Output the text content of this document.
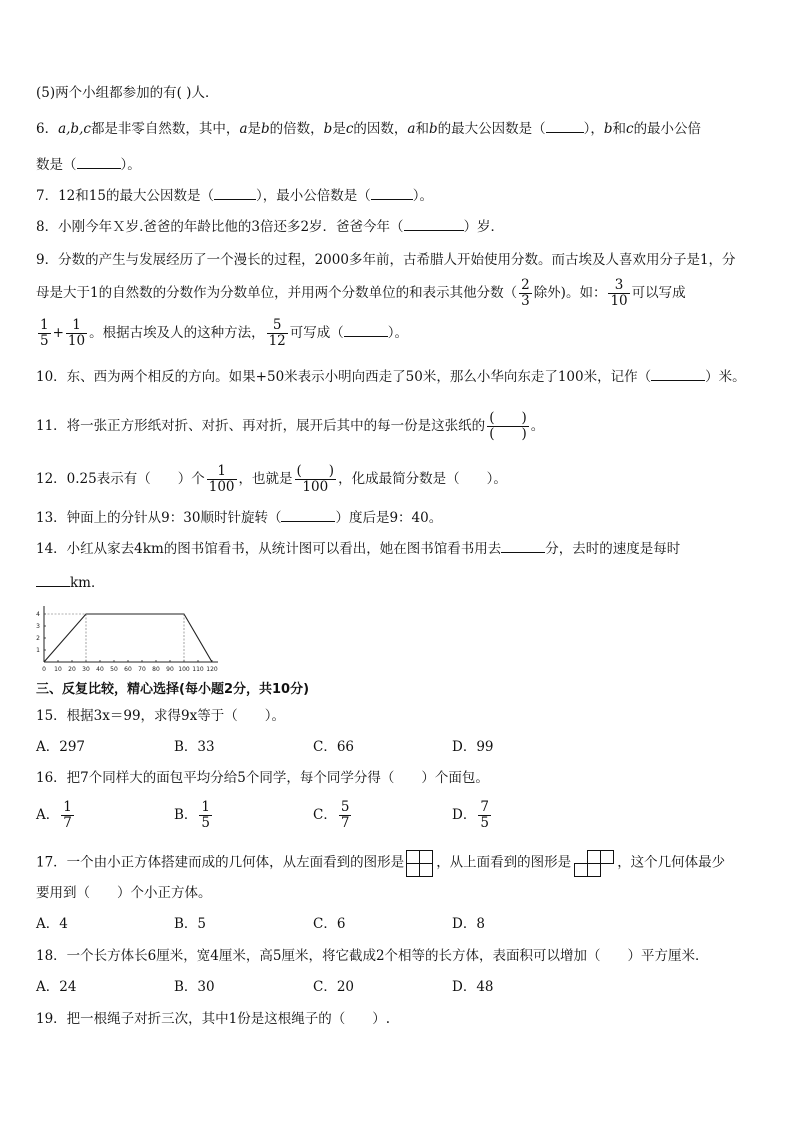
(5)两个小组都参加的有( )人．
6．a,b,c都是非零自然数，其中，a是b的倍数，b是c的因数，a和b的最大公因数是（	），b和c的最小公倍
数是（	）。
7．12和15的最大公因数是（	），最小公倍数是（	）。
8．小刚今年Ｘ岁.爸爸的年龄比他的3倍还多2岁．爸爸今年（	）岁．
9．分数的产生与发展经历了一个漫长的过程，2000多年前，古希腊人开始使用分数。而古埃及人喜欢用分子是1，分
母是大于1的自然数的分数作为分数单位，并用两个分数单位的和表示其他分数（ $\frac{2}{3}$ 除外)。如： $\frac{3}{10}$ 可以写成
$\frac{1}{5} + \frac{1}{10}$ 。根据古埃及人的这种方法， $\frac{5}{12}$ 可写成（	）。
10．东、西为两个相反的方向。如果+50米表示小明向西走了50米，那么小华向东走了100米，记作（	）米。
11．将一张正方形纸对折、对折、再对折，展开后其中的每一份是这张纸的 $\frac{( )}{( )}$ 。
12．0.25表示有（　　）个 $\frac{1}{100}$ ，也就是 $\frac{( )}{100}$ ，化成最简分数是（　　）。
13．钟面上的分针从9：30顺时针旋转（	）度后是9：40。
14．小红从家去4km的图书馆看书，从统计图可以看出，她在图书馆看书用去	分，去时的速度是每时
km．
0 10 20 30 40 50 60 70 80 90 100 110 120
1
2
3
4
三、反复比较，精心选择(每小题2分，共10分)
15．根据3x＝99，求得9x等于（　　）。
A．297	B．33	C．66	D．99
16．把7个同样大的面包平均分给5个同学，每个同学分得（　　）个面包。
A． $\frac{1}{7}$	B． $\frac{1}{5}$	C． $\frac{5}{7}$	D． $\frac{7}{5}$
17．一个由小正方体搭建而成的几何体，从左面看到的图形是 ，从上面看到的图形是	，这个几何体最少
要用到（　　）个小正方体。
A．4	B．5	C．6	D．8
18．一个长方体长6厘米，宽4厘米，高5厘米，将它截成2个相等的长方体，表面积可以增加（　　）平方厘米．
A．24	B．30	C．20	D．48
19．把一根绳子对折三次，其中1份是这根绳子的（　　）.
